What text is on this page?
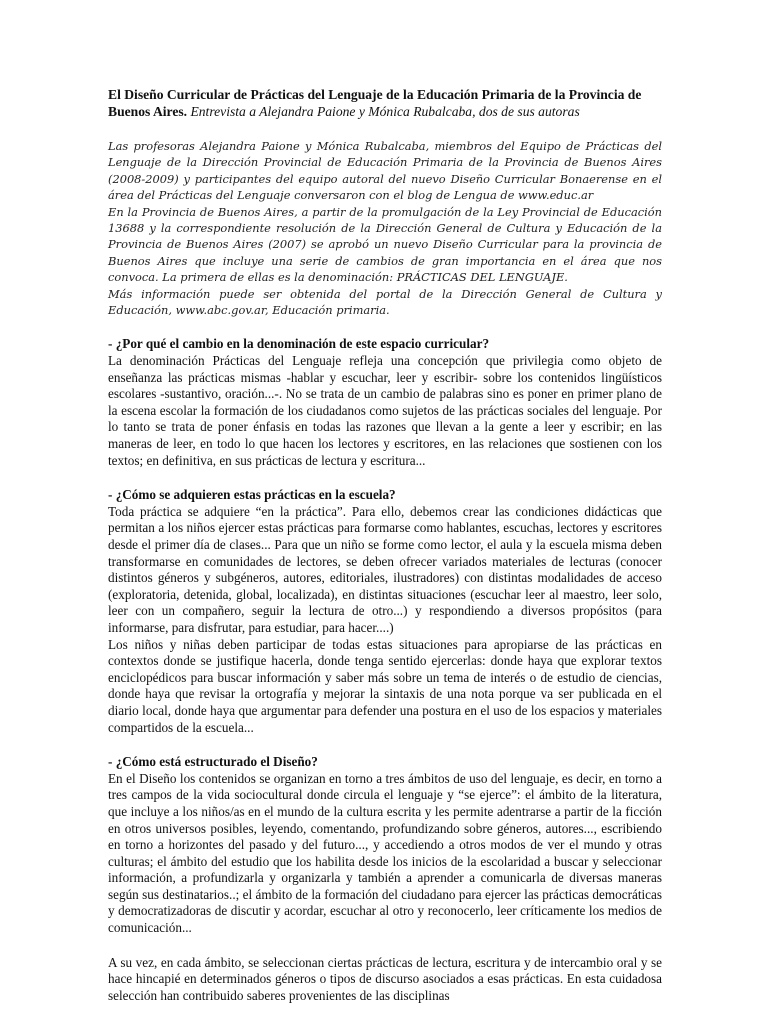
El Diseño Curricular de Prácticas del Lenguaje de la Educación Primaria de la Provincia de Buenos Aires. Entrevista a Alejandra Paione y Mónica Rubalcaba, dos de sus autoras

Las profesoras Alejandra Paione y Mónica Rubalcaba, miembros del Equipo de Prácticas del Lenguaje de la Dirección Provincial de Educación Primaria de la Provincia de Buenos Aires (2008-2009) y participantes del equipo autoral del nuevo Diseño Curricular Bonaerense en el área del Prácticas del Lenguaje conversaron con el blog de Lengua de www.educ.ar

En la Provincia de Buenos Aires, a partir de la promulgación de la Ley Provincial de Educación 13688 y la correspondiente resolución de la Dirección General de Cultura y Educación de la Provincia de Buenos Aires (2007) se aprobó un nuevo Diseño Curricular para la provincia de Buenos Aires que incluye una serie de cambios de gran importancia en el área que nos convoca. La primera de ellas es la denominación: PRÁCTICAS DEL LENGUAJE.

Más información puede ser obtenida del portal de la Dirección General de Cultura y Educación, www.abc.gov.ar, Educación primaria.

- ¿Por qué el cambio en la denominación de este espacio curricular?

La denominación Prácticas del Lenguaje refleja una concepción que privilegia como objeto de enseñanza las prácticas mismas -hablar y escuchar, leer y escribir- sobre los contenidos lingüísticos escolares -sustantivo, oración...-. No se trata de un cambio de palabras sino es poner en primer plano de la escena escolar la formación de los ciudadanos como sujetos de las prácticas sociales del lenguaje. Por lo tanto se trata de poner énfasis en todas las razones que llevan a la gente a leer y escribir; en las maneras de leer, en todo lo que hacen los lectores y escritores, en las relaciones que sostienen con los textos; en definitiva, en sus prácticas de lectura y escritura...

- ¿Cómo se adquieren estas prácticas en la escuela?

Toda práctica se adquiere “en la práctica”. Para ello, debemos crear las condiciones didácticas que permitan a los niños ejercer estas prácticas para formarse como hablantes, escuchas, lectores y escritores desde el primer día de clases... Para que un niño se forme como lector, el aula y la escuela misma deben transformarse en comunidades de lectores, se deben ofrecer variados materiales de lecturas (conocer distintos géneros y subgéneros, autores, editoriales, ilustradores) con distintas modalidades de acceso (exploratoria, detenida, global, localizada), en distintas situaciones (escuchar leer al maestro, leer solo, leer con un compañero, seguir la lectura de otro...) y respondiendo a diversos propósitos (para informarse, para disfrutar, para estudiar, para hacer....)

Los niños y niñas deben participar de todas estas situaciones para apropiarse de las prácticas en contextos donde se justifique hacerla, donde tenga sentido ejercerlas: donde haya que explorar textos enciclopédicos para buscar información y saber más sobre un tema de interés o de estudio de ciencias, donde haya que revisar la ortografía y mejorar la sintaxis de una nota porque va ser publicada en el diario local, donde haya que argumentar para defender una postura en el uso de los espacios y materiales compartidos de la escuela...

- ¿Cómo está estructurado el Diseño?

En el Diseño los contenidos se organizan en torno a tres ámbitos de uso del lenguaje, es decir, en torno a tres campos de la vida sociocultural donde circula el lenguaje y “se ejerce”: el ámbito de la literatura, que incluye a los niños/as en el mundo de la cultura escrita y les permite adentrarse a partir de la ficción en otros universos posibles, leyendo, comentando, profundizando sobre géneros, autores..., escribiendo en torno a horizontes del pasado y del futuro..., y accediendo a otros modos de ver el mundo y otras culturas; el ámbito del estudio que los habilita desde los inicios de la escolaridad a buscar y seleccionar información, a profundizarla y organizarla y también a aprender a comunicarla de diversas maneras según sus destinatarios..; el ámbito de la formación del ciudadano para ejercer las prácticas democráticas y democratizadoras de discutir y acordar, escuchar al otro y reconocerlo, leer críticamente los medios de comunicación...

A su vez, en cada ámbito, se seleccionan ciertas prácticas de lectura, escritura y de intercambio oral y se hace hincapié en determinados géneros o tipos de discurso asociados a esas prácticas. En esta cuidadosa selección han contribuido saberes provenientes de las disciplinas
